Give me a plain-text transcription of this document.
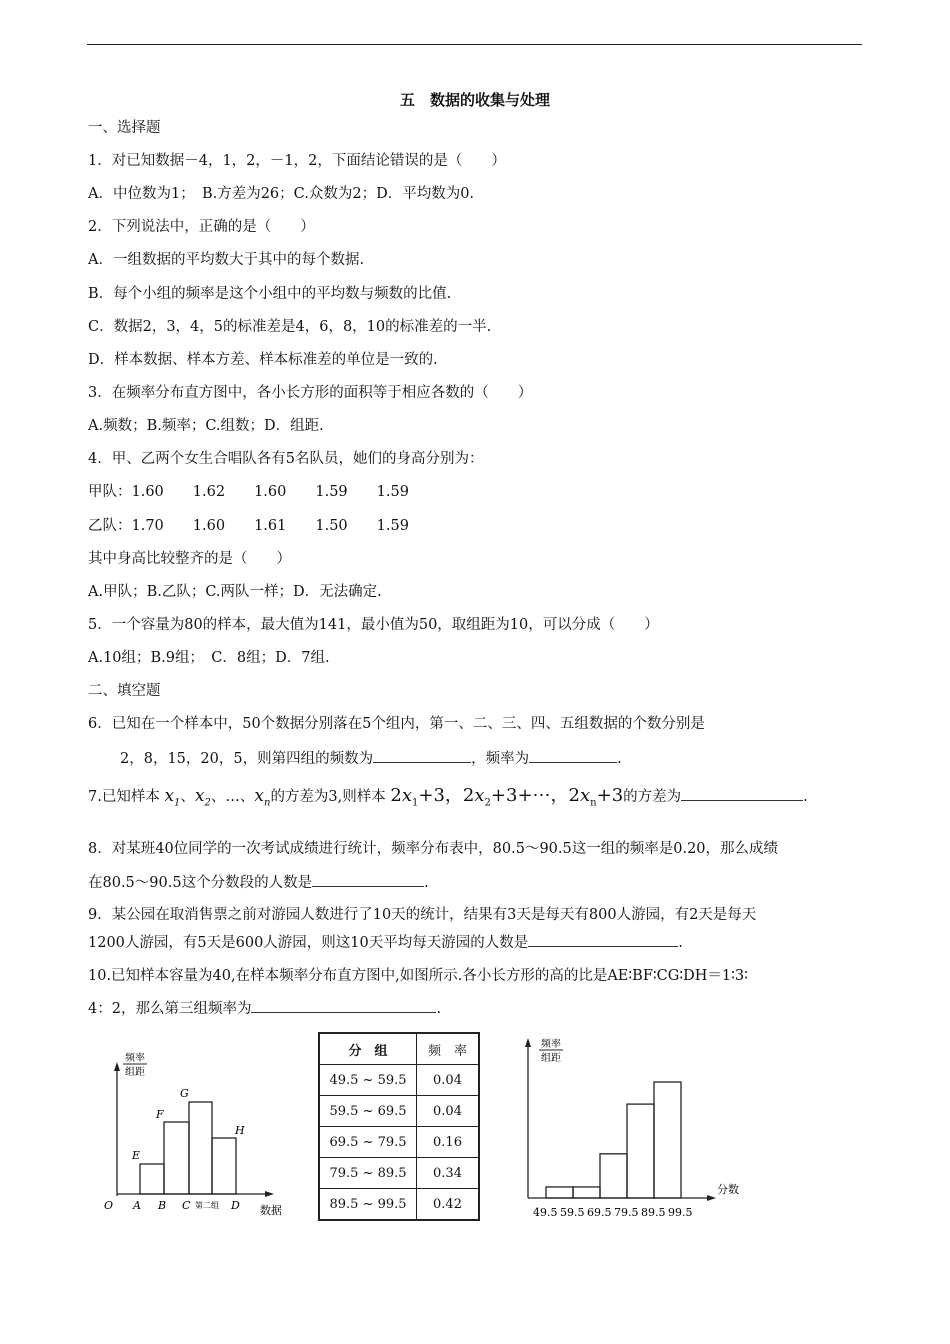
五　数据的收集与处理
一、选择题
1．对已知数据－4，1，2，－1，2，下面结论错误的是（　　）
A．中位数为1；　B.方差为26；C.众数为2；D．平均数为0.
2．下列说法中，正确的是（　　）
A．一组数据的平均数大于其中的每个数据.
B．每个小组的频率是这个小组中的平均数与频数的比值.
C．数据2，3，4，5的标准差是4，6，8，10的标准差的一半.
D．样本数据、样本方差、样本标准差的单位是一致的.
3．在频率分布直方图中，各小长方形的面积等于相应各数的（　　）
A.频数；B.频率；C.组数；D．组距.
4．甲、乙两个女生合唱队各有5名队员，她们的身高分别为：
甲队：1.60　　1.62　　1.60　　1.59　　1.59
乙队：1.70　　1.60　　1.61　　1.50　　1.59
其中身高比较整齐的是（　　）
A.甲队；B.乙队；C.两队一样；D．无法确定.
5．一个容量为80的样本，最大值为141，最小值为50，取组距为10，可以分成（　　）
A.10组；B.9组；　C．8组；D．7组.
二、填空题
6．已知在一个样本中，50个数据分别落在5个组内，第一、二、三、四、五组数据的个数分别是
2，8，15，20，5，则第四组的频数为	，频率为	.
7.已知样本 $x_1$、$x_2$、…、$x_n$的方差为3,则样本 $2x_1+3$，$2x_2+3+\cdots$，$2x_n+3$的方差为	.
8．对某班40位同学的一次考试成绩进行统计，频率分布表中，80.5～90.5这一组的频率是0.20，那么成绩
在80.5～90.5这个分数段的人数是	.
9．某公园在取消售票之前对游园人数进行了10天的统计，结果有3天是每天有800人游园，有2天是每天
1200人游园，有5天是600人游园，则这10天平均每天游园的人数是	.
10.已知样本容量为40,在样本频率分布直方图中,如图所示.各小长方形的高的比是AE∶BF∶CG∶DH＝1∶3∶
4：2，那么第三组频率为	.
频率
组距
E
F
G
H
O A B C 第二组 D 数据
分　组	频　率
49.5 ~ 59.5	0.04
59.5 ~ 69.5	0.04
69.5 ~ 79.5	0.16
79.5 ~ 89.5	0.34
89.5 ~ 99.5	0.42
频率
组距
分数
49.5 59.5 69.5 79.5 89.5 99.5
